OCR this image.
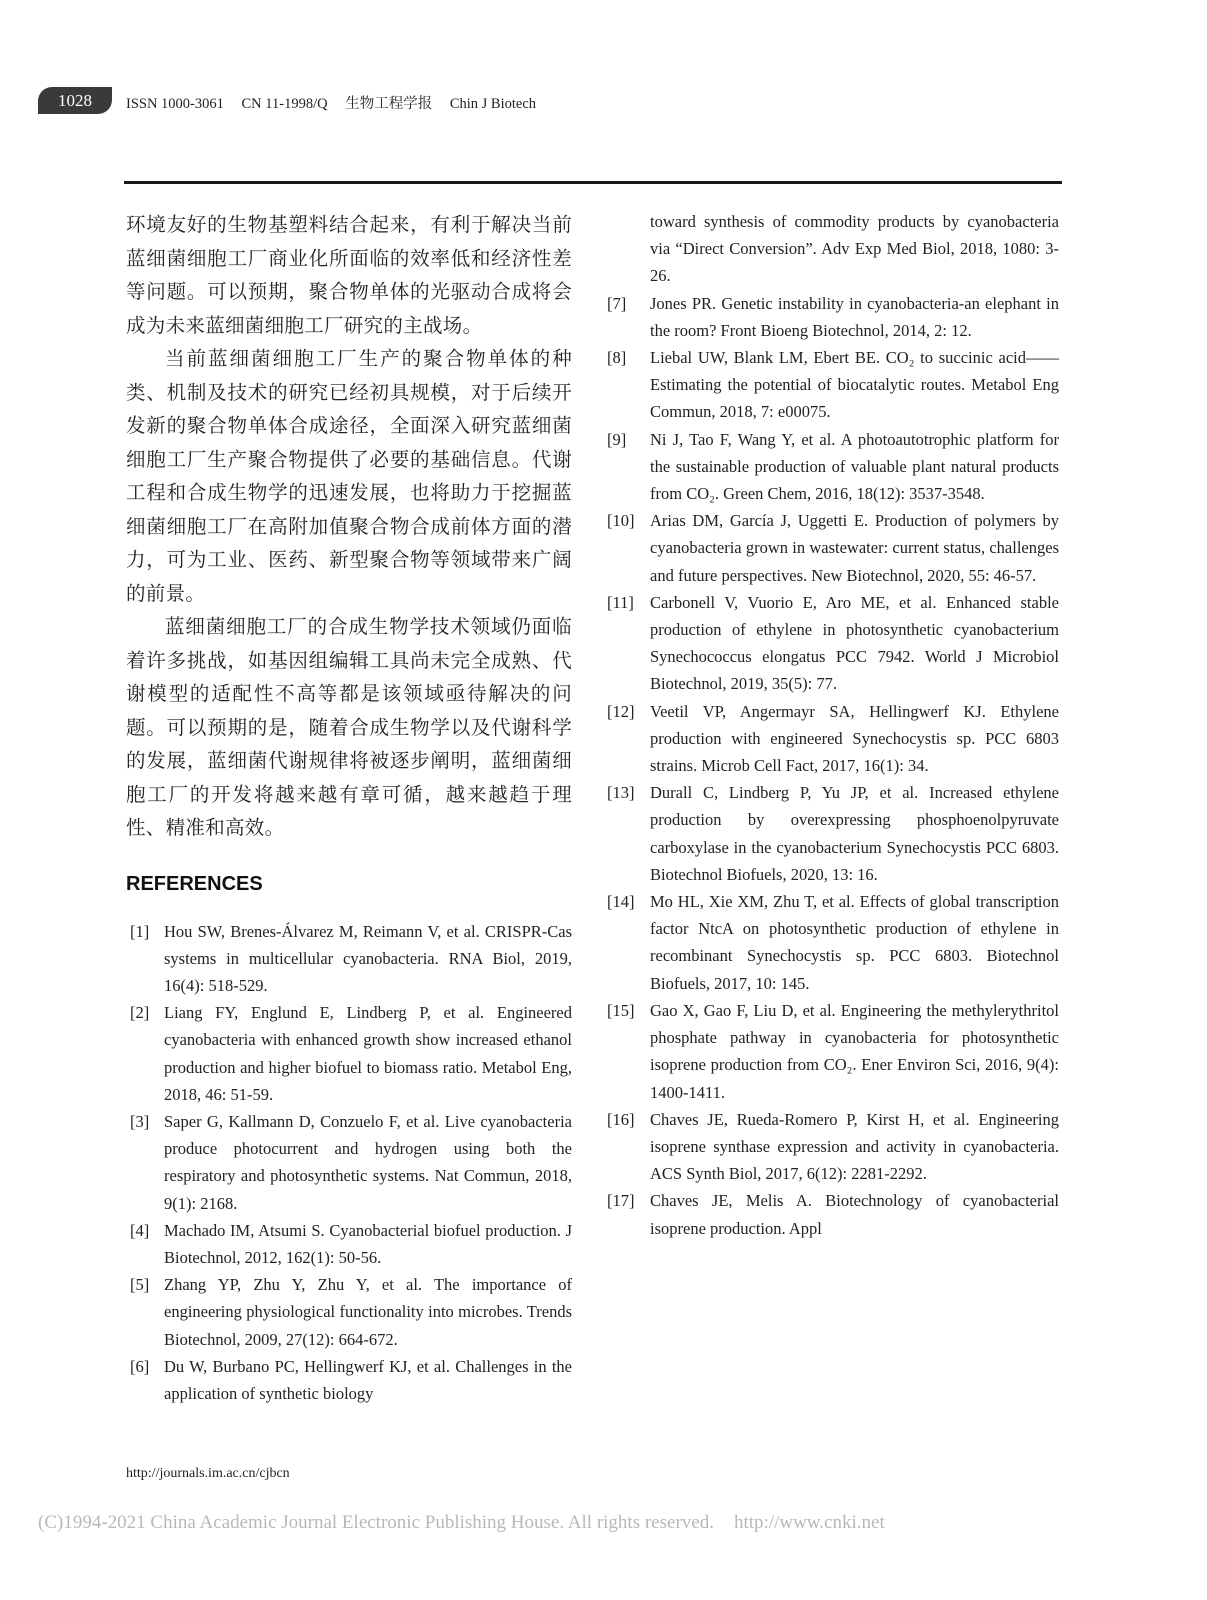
1028	ISSN 1000-3061 CN 11-1998/Q 生物工程学报 Chin J Biotech

环境友好的生物基塑料结合起来，有利于解决当前蓝细菌细胞工厂商业化所面临的效率低和经济性差等问题。可以预期，聚合物单体的光驱动合成将会成为未来蓝细菌细胞工厂研究的主战场。

当前蓝细菌细胞工厂生产的聚合物单体的种类、机制及技术的研究已经初具规模，对于后续开发新的聚合物单体合成途径，全面深入研究蓝细菌细胞工厂生产聚合物提供了必要的基础信息。代谢工程和合成生物学的迅速发展，也将助力于挖掘蓝细菌细胞工厂在高附加值聚合物合成前体方面的潜力，可为工业、医药、新型聚合物等领域带来广阔的前景。

蓝细菌细胞工厂的合成生物学技术领域仍面临着许多挑战，如基因组编辑工具尚未完全成熟、代谢模型的适配性不高等都是该领域亟待解决的问题。可以预期的是，随着合成生物学以及代谢科学的发展，蓝细菌代谢规律将被逐步阐明，蓝细菌细胞工厂的开发将越来越有章可循，越来越趋于理性、精准和高效。

REFERENCES
[1] Hou SW, Brenes-Álvarez M, Reimann V, et al. CRISPR-Cas systems in multicellular cyanobacteria. RNA Biol, 2019, 16(4): 518-529.
[2] Liang FY, Englund E, Lindberg P, et al. Engineered cyanobacteria with enhanced growth show increased ethanol production and higher biofuel to biomass ratio. Metabol Eng, 2018, 46: 51-59.
[3] Saper G, Kallmann D, Conzuelo F, et al. Live cyanobacteria produce photocurrent and hydrogen using both the respiratory and photosynthetic systems. Nat Commun, 2018, 9(1): 2168.
[4] Machado IM, Atsumi S. Cyanobacterial biofuel production. J Biotechnol, 2012, 162(1): 50-56.
[5] Zhang YP, Zhu Y, Zhu Y, et al. The importance of engineering physiological functionality into microbes. Trends Biotechnol, 2009, 27(12): 664-672.
[6] Du W, Burbano PC, Hellingwerf KJ, et al. Challenges in the application of synthetic biology
toward synthesis of commodity products by cyanobacteria via “Direct Conversion”. Adv Exp Med Biol, 2018, 1080: 3-26.
[7]	Jones PR. Genetic instability in cyanobacteria-an elephant in the room? Front Bioeng Biotechnol, 2014, 2: 12.
[8]	Liebal UW, Blank LM, Ebert BE. CO₂ to succinic acid——Estimating the potential of biocatalytic routes. Metabol Eng Commun, 2018, 7: e00075.
[9]	Ni J, Tao F, Wang Y, et al. A photoautotrophic platform for the sustainable production of valuable plant natural products from CO₂. Green Chem, 2016, 18(12): 3537-3548.
[10] Arias DM, García J, Uggetti E. Production of polymers by cyanobacteria grown in wastewater: current status, challenges and future perspectives. New Biotechnol, 2020, 55: 46-57.
[11] Carbonell V, Vuorio E, Aro ME, et al. Enhanced stable production of ethylene in photosynthetic cyanobacterium Synechococcus elongatus PCC 7942. World J Microbiol Biotechnol, 2019, 35(5): 77.
[12] Veetil VP, Angermayr SA, Hellingwerf KJ. Ethylene production with engineered Synechocystis sp. PCC 6803 strains. Microb Cell Fact, 2017, 16(1): 34.
[13] Durall C, Lindberg P, Yu JP, et al. Increased ethylene production by overexpressing phosphoenolpyruvate carboxylase in the cyanobacterium Synechocystis PCC 6803. Biotechnol Biofuels, 2020, 13: 16.
[14] Mo HL, Xie XM, Zhu T, et al. Effects of global transcription factor NtcA on photosynthetic production of ethylene in recombinant Synechocystis sp. PCC 6803. Biotechnol Biofuels, 2017, 10: 145.
[15] Gao X, Gao F, Liu D, et al. Engineering the methylerythritol phosphate pathway in cyanobacteria for photosynthetic isoprene production from CO₂. Ener Environ Sci, 2016, 9(4): 1400-1411.
[16] Chaves JE, Rueda-Romero P, Kirst H, et al. Engineering isoprene synthase expression and activity in cyanobacteria. ACS Synth Biol, 2017, 6(12): 2281-2292.
[17] Chaves JE, Melis A. Biotechnology of cyanobacterial isoprene production. Appl
http://journals.im.ac.cn/cjbcn
(C)1994-2021 China Academic Journal Electronic Publishing House. All rights reserved. http://www.cnki.net
